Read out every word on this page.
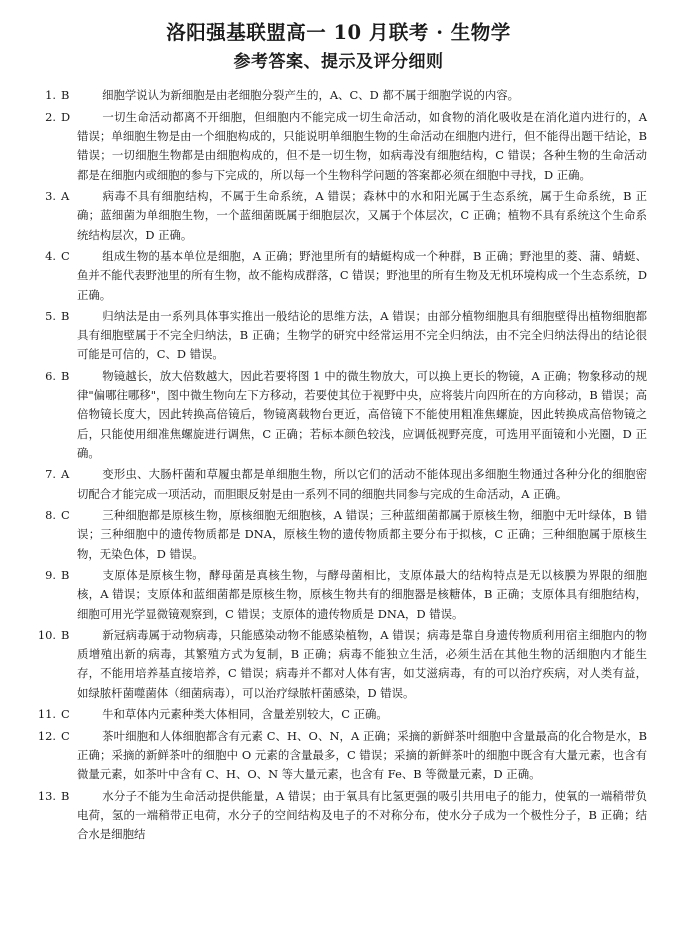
洛阳强基联盟高一 10 月联考 · 生物学
参考答案、提示及评分细则
1. B	细胞学说认为新细胞是由老细胞分裂产生的，A、C、D 都不属于细胞学说的内容。
2. D	一切生命活动都离不开细胞，但细胞内不能完成一切生命活动，如食物的消化吸收是在消化道内进行的，A 错误；单细胞生物是由一个细胞构成的，只能说明单细胞生物的生命活动在细胞内进行，但不能得出题干结论，B 错误；一切细胞生物都是由细胞构成的，但不是一切生物，如病毒没有细胞结构，C 错误；各种生物的生命活动都是在细胞内或细胞的参与下完成的，所以每一个生物科学问题的答案都必须在细胞中寻找，D 正确。
3. A	病毒不具有细胞结构，不属于生命系统，A 错误；森林中的水和阳光属于生态系统，属于生命系统，B 正确；蓝细菌为单细胞生物，一个蓝细菌既属于细胞层次，又属于个体层次，C 正确；植物不具有系统这个生命系统结构层次，D 正确。
4. C	组成生物的基本单位是细胞，A 正确；野池里所有的蜻蜓构成一个种群，B 正确；野池里的菱、蒲、蜻蜓、鱼并不能代表野池里的所有生物，故不能构成群落，C 错误；野池里的所有生物及无机环境构成一个生态系统，D 正确。
5. B	归纳法是由一系列具体事实推出一般结论的思维方法，A 错误；由部分植物细胞具有细胞壁得出植物细胞都具有细胞壁属于不完全归纳法，B 正确；生物学的研究中经常运用不完全归纳法，由不完全归纳法得出的结论很可能是可信的，C、D 错误。
6. B	物镜越长，放大倍数越大，因此若要将图 1 中的微生物放大，可以换上更长的物镜，A 正确；物象移动的规律"偏哪往哪移"，图中微生物向左下方移动，若要使其位于视野中央，应将装片向四所在的方向移动，B 错误；高倍物镜长度大，因此转换高倍镜后，物镜离载物台更近，高倍镜下不能使用粗准焦螺旋，因此转换成高倍物镜之后，只能使用细准焦螺旋进行调焦，C 正确；若标本颜色较浅，应调低视野亮度，可选用平面镜和小光圈，D 正确。
7. A	变形虫、大肠杆菌和草履虫都是单细胞生物，所以它们的活动不能体现出多细胞生物通过各种分化的细胞密切配合才能完成一项活动，而胆眼反射是由一系列不同的细胞共同参与完成的生命活动，A 正确。
8. C	三种细胞都是原核生物，原核细胞无细胞核，A 错误；三种蓝细菌都属于原核生物，细胞中无叶绿体，B 错误；三种细胞中的遗传物质都是 DNA，原核生物的遗传物质都主要分布于拟核，C 正确；三种细胞属于原核生物，无染色体，D 错误。
9. B	支原体是原核生物，酵母菌是真核生物，与酵母菌相比，支原体最大的结构特点是无以核膜为界限的细胞核，A 错误；支原体和蓝细菌都是原核生物，原核生物共有的细胞器是核糖体，B 正确；支原体具有细胞结构，细胞可用光学显微镜观察到，C 错误；支原体的遗传物质是 DNA，D 错误。
10. B	新冠病毒属于动物病毒，只能感染动物不能感染植物，A 错误；病毒是靠自身遗传物质利用宿主细胞内的物质增殖出新的病毒，其繁殖方式为复制，B 正确；病毒不能独立生活，必须生活在其他生物的活细胞内才能生存，不能用培养基直接培养，C 错误；病毒并不都对人体有害，如艾滋病毒，有的可以治疗疾病，对人类有益，如绿脓杆菌噬菌体（细菌病毒），可以治疗绿脓杆菌感染，D 错误。
11. C	牛和草体内元素种类大体相同，含量差别较大，C 正确。
12. C	茶叶细胞和人体细胞都含有元素 C、H、O、N，A 正确；采摘的新鲜茶叶细胞中含量最高的化合物是水，B 正确；采摘的新鲜茶叶的细胞中 O 元素的含量最多，C 错误；采摘的新鲜茶叶的细胞中既含有大量元素，也含有微量元素，如茶叶中含有 C、H、O、N 等大量元素，也含有 Fe、B 等微量元素，D 正确。
13. B	水分子不能为生命活动提供能量，A 错误；由于氧具有比氢更强的吸引共用电子的能力，使氧的一端稍带负电荷，氢的一端稍带正电荷，水分子的空间结构及电子的不对称分布，使水分子成为一个极性分子，B 正确；结合水是细胞结
